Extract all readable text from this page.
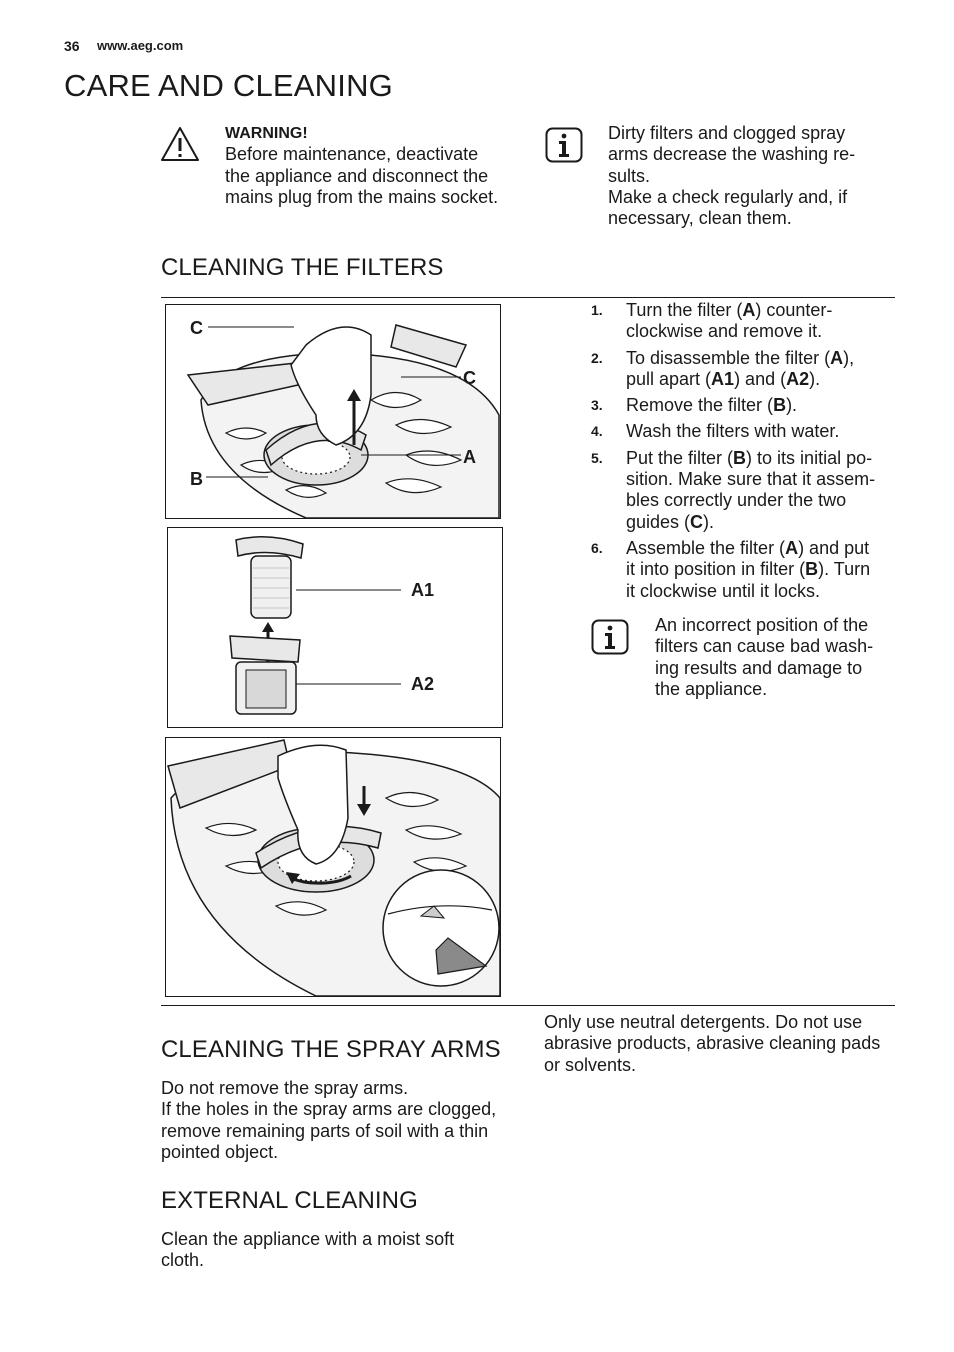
36 www.aeg.com
CARE AND CLEANING
WARNING!
Before maintenance, deactivate
the appliance and disconnect the
mains plug from the mains socket.
Dirty filters and clogged spray
arms decrease the washing re-
sults.
Make a check regularly and, if
necessary, clean them.
CLEANING THE FILTERS
C
C
A
B
A1
A2
1. Turn the filter (A) counter-
clockwise and remove it.
2. To disassemble the filter (A),
pull apart (A1) and (A2).
3. Remove the filter (B).
4. Wash the filters with water.
5. Put the filter (B) to its initial po-
sition. Make sure that it assem-
bles correctly under the two
guides (C).
6. Assemble the filter (A) and put
it into position in filter (B). Turn
it clockwise until it locks.
An incorrect position of the
filters can cause bad wash-
ing results and damage to
the appliance.
CLEANING THE SPRAY ARMS
Do not remove the spray arms.
If the holes in the spray arms are clogged,
remove remaining parts of soil with a thin
pointed object.
EXTERNAL CLEANING
Clean the appliance with a moist soft
cloth.
Only use neutral detergents. Do not use
abrasive products, abrasive cleaning pads
or solvents.
